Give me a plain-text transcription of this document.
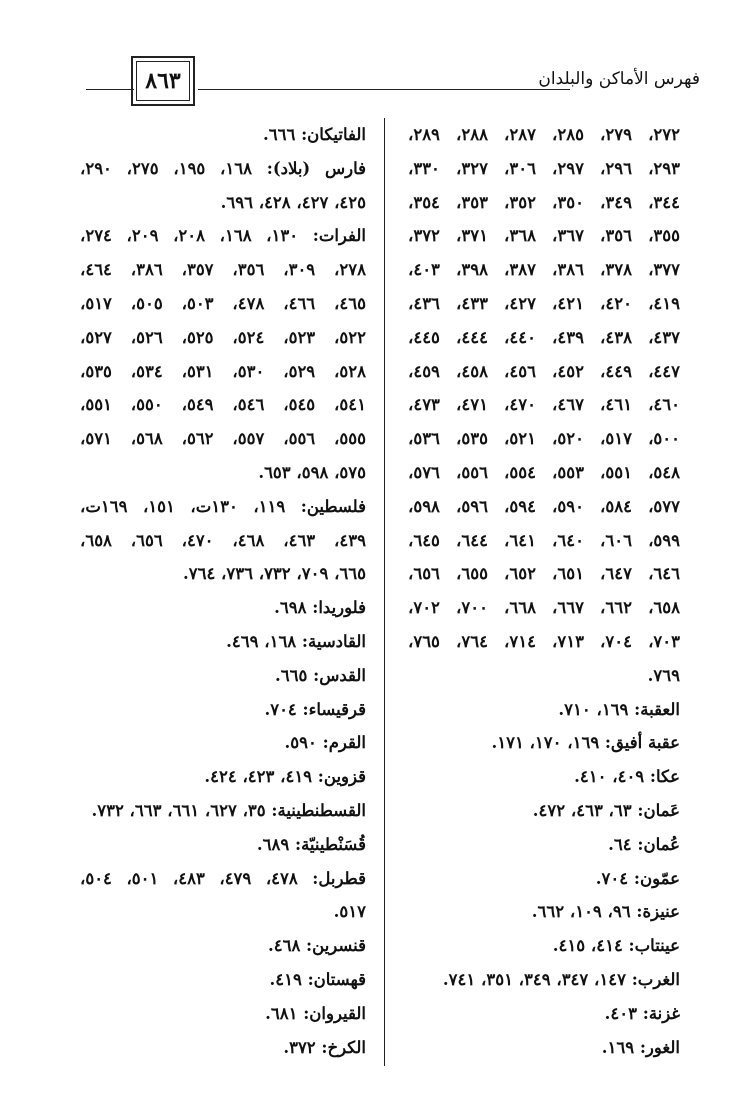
٨٦٣	فهرس الأماكن والبلدان
٢٧٢، ٢٧٩، ٢٨٥، ٢٨٧، ٢٨٨، ٢٨٩،
٢٩٣، ٢٩٦، ٢٩٧، ٣٠٦، ٣٢٧، ٣٣٠،
٣٤٤، ٣٤٩، ٣٥٠، ٣٥٢، ٣٥٣، ٣٥٤،
٣٥٥، ٣٥٦، ٣٦٧، ٣٦٨، ٣٧١، ٣٧٢،
٣٧٧، ٣٧٨، ٣٨٦، ٣٨٧، ٣٩٨، ٤٠٣،
٤١٩، ٤٢٠، ٤٢١، ٤٢٧، ٤٣٣، ٤٣٦،
٤٣٧، ٤٣٨، ٤٣٩، ٤٤٠، ٤٤٤، ٤٤٥،
٤٤٧، ٤٤٩، ٤٥٢، ٤٥٦، ٤٥٨، ٤٥٩،
٤٦٠، ٤٦١، ٤٦٧، ٤٧٠، ٤٧١، ٤٧٣،
٥٠٠، ٥١٧، ٥٢٠، ٥٢١، ٥٣٥، ٥٣٦،
٥٤٨، ٥٥١، ٥٥٣، ٥٥٤، ٥٥٦، ٥٧٦،
٥٧٧، ٥٨٤، ٥٩٠، ٥٩٤، ٥٩٦، ٥٩٨،
٥٩٩، ٦٠٦، ٦٤٠، ٦٤١، ٦٤٤، ٦٤٥،
٦٤٦، ٦٤٧، ٦٥١، ٦٥٢، ٦٥٥، ٦٥٦،
٦٥٨، ٦٦٢، ٦٦٧، ٦٦٨، ٧٠٠، ٧٠٢،
٧٠٣، ٧٠٤، ٧١٣، ٧١٤، ٧٦٤، ٧٦٥،
٧٦٩.
العقبة: ١٦٩، ٧١٠.
عقبة أفيق: ١٦٩، ١٧٠، ١٧١.
عكا: ٤٠٩، ٤١٠.
عَمان: ٦٣، ٤٦٣، ٤٧٢.
عُمان: ٦٤.
عمّون: ٧٠٤.
عنيزة: ٩٦، ١٠٩، ٦٦٢.
عينتاب: ٤١٤، ٤١٥.
الغرب: ١٤٧، ٣٤٧، ٣٤٩، ٣٥١، ٧٤١.
غزنة: ٤٠٣.
الغور: ١٦٩.
الفاتيكان: ٦٦٦.
فارس (بلاد): ١٦٨، ١٩٥، ٢٧٥، ٢٩٠،
٤٢٥، ٤٢٧، ٤٢٨، ٦٩٦.
الفرات: ١٣٠، ١٦٨، ٢٠٨، ٢٠٩، ٢٧٤،
٢٧٨، ٣٠٩، ٣٥٦، ٣٥٧، ٣٨٦، ٤٦٤،
٤٦٥، ٤٦٦، ٤٧٨، ٥٠٣، ٥٠٥، ٥١٧،
٥٢٢، ٥٢٣، ٥٢٤، ٥٢٥، ٥٢٦، ٥٢٧،
٥٢٨، ٥٢٩، ٥٣٠، ٥٣١، ٥٣٤، ٥٣٥،
٥٤١، ٥٤٥، ٥٤٦، ٥٤٩، ٥٥٠، ٥٥١،
٥٥٥، ٥٥٦، ٥٥٧، ٥٦٢، ٥٦٨، ٥٧١،
٥٧٥، ٥٩٨، ٦٥٣.
فلسطين: ١١٩، ١٣٠ت، ١٥١، ١٦٩ت،
٤٣٩، ٤٦٣، ٤٦٨، ٤٧٠، ٦٥٦، ٦٥٨،
٦٦٥، ٧٠٩، ٧٣٢، ٧٣٦، ٧٦٤.
فلوريدا: ٦٩٨.
القادسية: ١٦٨، ٤٦٩.
القدس: ٦٦٥.
قرقيساء: ٧٠٤.
القرم: ٥٩٠.
قزوين: ٤١٩، ٤٢٣، ٤٢٤.
القسطنطينية: ٣٥، ٦٢٧، ٦٦١، ٦٦٣، ٧٣٢.
قُسَنْطينيّة: ٦٨٩.
قطربل: ٤٧٨، ٤٧٩، ٤٨٣، ٥٠١، ٥٠٤،
٥١٧.
قنسرين: ٤٦٨.
قهستان: ٤١٩.
القيروان: ٦٨١.
الكرخ: ٣٧٢.
